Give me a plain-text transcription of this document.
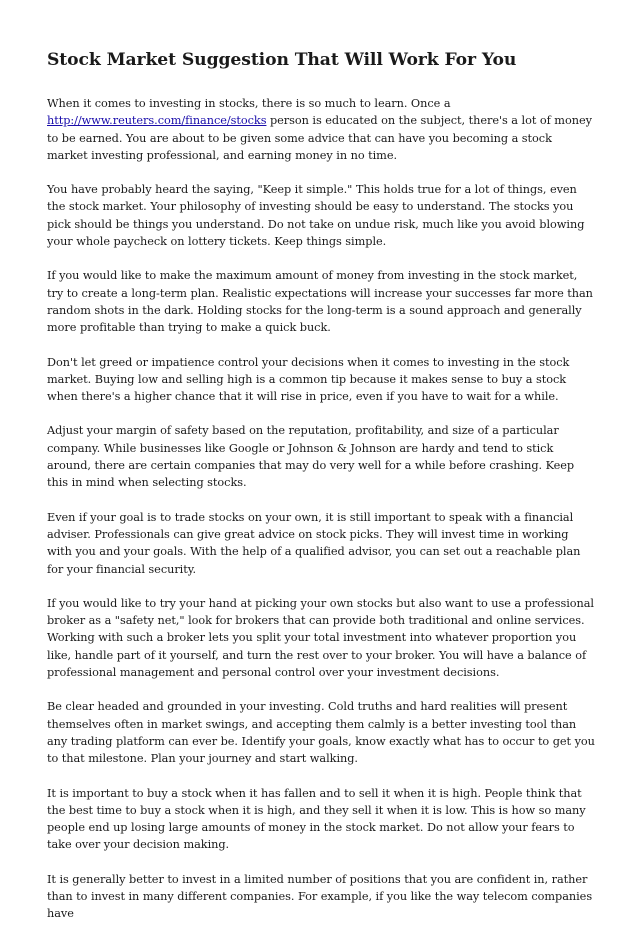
Stock Market Suggestion That Will Work For You

When it comes to investing in stocks, there is so much to learn. Once a http://www.reuters.com/finance/stocks person is educated on the subject, there's a lot of money to be earned. You are about to be given some advice that can have you becoming a stock market investing professional, and earning money in no time.

You have probably heard the saying, "Keep it simple." This holds true for a lot of things, even the stock market. Your philosophy of investing should be easy to understand. The stocks you pick should be things you understand. Do not take on undue risk, much like you avoid blowing your whole paycheck on lottery tickets. Keep things simple.

If you would like to make the maximum amount of money from investing in the stock market, try to create a long-term plan. Realistic expectations will increase your successes far more than random shots in the dark. Holding stocks for the long-term is a sound approach and generally more profitable than trying to make a quick buck.

Don't let greed or impatience control your decisions when it comes to investing in the stock market. Buying low and selling high is a common tip because it makes sense to buy a stock when there's a higher chance that it will rise in price, even if you have to wait for a while.

Adjust your margin of safety based on the reputation, profitability, and size of a particular company. While businesses like Google or Johnson & Johnson are hardy and tend to stick around, there are certain companies that may do very well for a while before crashing. Keep this in mind when selecting stocks.

Even if your goal is to trade stocks on your own, it is still important to speak with a financial adviser. Professionals can give great advice on stock picks. They will invest time in working with you and your goals. With the help of a qualified advisor, you can set out a reachable plan for your financial security.

If you would like to try your hand at picking your own stocks but also want to use a professional broker as a "safety net," look for brokers that can provide both traditional and online services. Working with such a broker lets you split your total investment into whatever proportion you like, handle part of it yourself, and turn the rest over to your broker. You will have a balance of professional management and personal control over your investment decisions.

Be clear headed and grounded in your investing. Cold truths and hard realities will present themselves often in market swings, and accepting them calmly is a better investing tool than any trading platform can ever be. Identify your goals, know exactly what has to occur to get you to that milestone. Plan your journey and start walking.

It is important to buy a stock when it has fallen and to sell it when it is high. People think that the best time to buy a stock when it is high, and they sell it when it is low. This is how so many people end up losing large amounts of money in the stock market. Do not allow your fears to take over your decision making.

It is generally better to invest in a limited number of positions that you are confident in, rather than to invest in many different companies. For example, if you like the way telecom companies have
